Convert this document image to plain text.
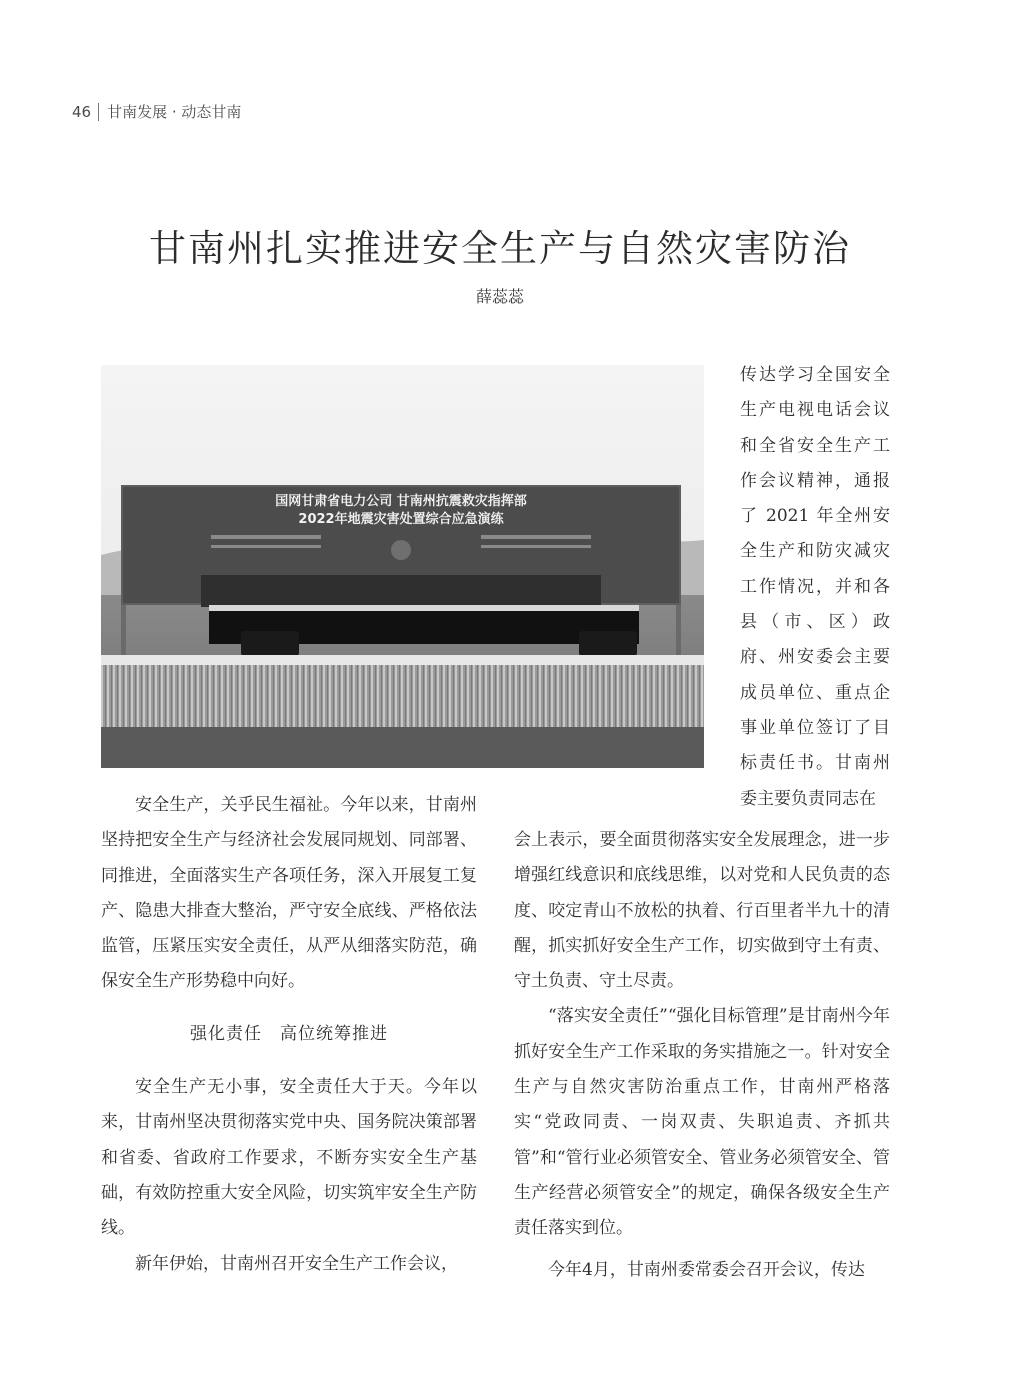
46 甘南发展 · 动态甘南
甘南州扎实推进安全生产与自然灾害防治
薛蕊蕊
国网甘肃省电力公司 甘南州抗震救灾指挥部
2022年地震灾害处置综合应急演练

传达学习全国安全

生产电视电话会议

和全省安全生产工

作会议精神，通报

了 2021 年全州安

全生产和防灾减灾

工作情况，并和各

县（市、区）政

府、州安委会主要

成员单位、重点企

事业单位签订了目

标责任书。甘南州

委主要负责同志在

安全生产，关乎民生福祉。今年以来，甘南州坚持把安全生产与经济社会发展同规划、同部署、同推进，全面落实生产各项任务，深入开展复工复产、隐患大排查大整治，严守安全底线、严格依法监管，压紧压实安全责任，从严从细落实防范，确保安全生产形势稳中向好。

强化责任　高位统筹推进

安全生产无小事，安全责任大于天。今年以来，甘南州坚决贯彻落实党中央、国务院决策部署和省委、省政府工作要求，不断夯实安全生产基础，有效防控重大安全风险，切实筑牢安全生产防线。

新年伊始，甘南州召开安全生产工作会议，

会上表示，要全面贯彻落实安全发展理念，进一步增强红线意识和底线思维，以对党和人民负责的态度、咬定青山不放松的执着、行百里者半九十的清醒，抓实抓好安全生产工作，切实做到守土有责、守土负责、守土尽责。

“落实安全责任”“强化目标管理”是甘南州今年抓好安全生产工作采取的务实措施之一。针对安全生产与自然灾害防治重点工作，甘南州严格落实“党政同责、一岗双责、失职追责、齐抓共管”和“管行业必须管安全、管业务必须管安全、管生产经营必须管安全”的规定，确保各级安全生产责任落实到位。

今年4月，甘南州委常委会召开会议，传达
